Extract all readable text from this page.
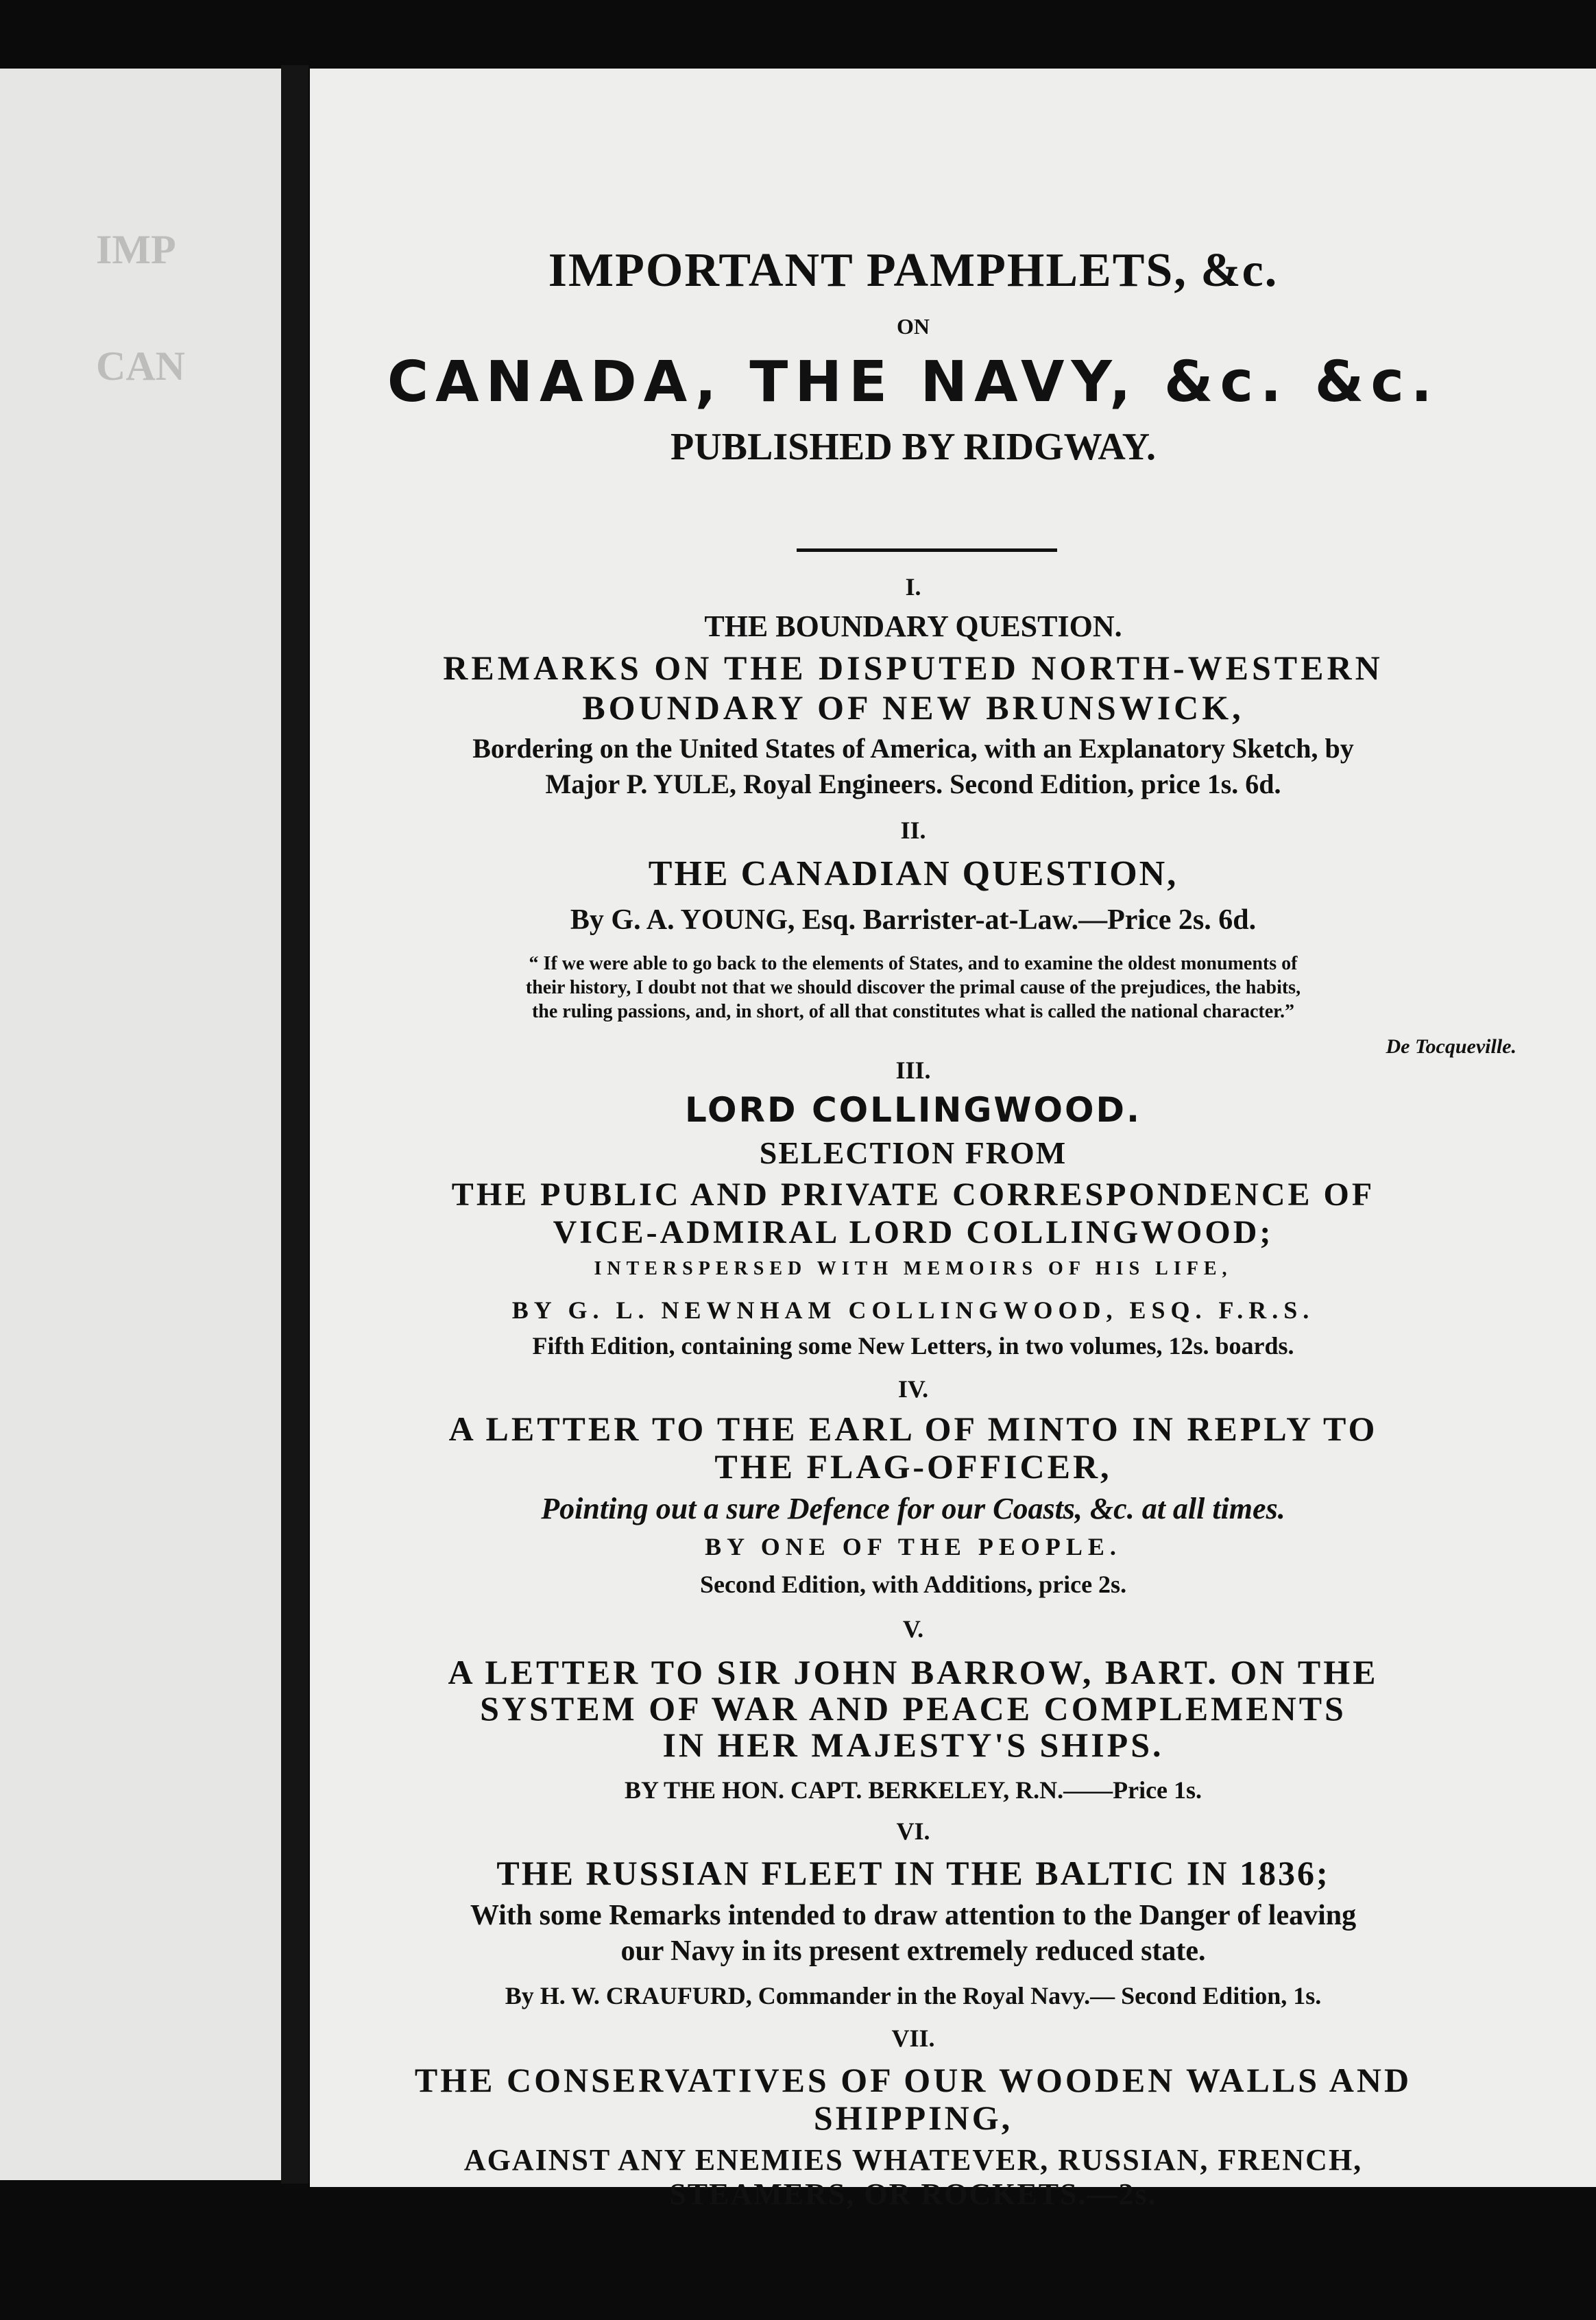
IMP
CAN
IMPORTANT PAMPHLETS, &c.
ON
CANADA, THE NAVY, &c. &c.
PUBLISHED BY RIDGWAY.
I.
THE BOUNDARY QUESTION.
REMARKS ON THE DISPUTED NORTH-WESTERN
BOUNDARY OF NEW BRUNSWICK,
Bordering on the United States of America, with an Explanatory Sketch, by
Major P. YULE, Royal Engineers. Second Edition, price 1s. 6d.
II.
THE CANADIAN QUESTION,
By G. A. YOUNG, Esq. Barrister-at-Law.—Price 2s. 6d.
“ If we were able to go back to the elements of States, and to examine the oldest monuments of
their history, I doubt not that we should discover the primal cause of the prejudices, the habits,
the ruling passions, and, in short, of all that constitutes what is called the national character.”
De Tocqueville.
III.
LORD COLLINGWOOD.
SELECTION FROM
THE PUBLIC AND PRIVATE CORRESPONDENCE OF
VICE-ADMIRAL LORD COLLINGWOOD;
INTERSPERSED WITH MEMOIRS OF HIS LIFE,
BY G. L. NEWNHAM COLLINGWOOD, ESQ. F.R.S.
Fifth Edition, containing some New Letters, in two volumes, 12s. boards.
IV.
A LETTER TO THE EARL OF MINTO IN REPLY TO
THE FLAG-OFFICER,
Pointing out a sure Defence for our Coasts, &c. at all times.
BY ONE OF THE PEOPLE.
Second Edition, with Additions, price 2s.
V.
A LETTER TO SIR JOHN BARROW, BART. ON THE
SYSTEM OF WAR AND PEACE COMPLEMENTS
IN HER MAJESTY'S SHIPS.
BY THE HON. CAPT. BERKELEY, R.N.——Price 1s.
VI.
THE RUSSIAN FLEET IN THE BALTIC IN 1836;
With some Remarks intended to draw attention to the Danger of leaving
our Navy in its present extremely reduced state.
By H. W. CRAUFURD, Commander in the Royal Navy.— Second Edition, 1s.
VII.
THE CONSERVATIVES OF OUR WOODEN WALLS AND
SHIPPING,
AGAINST ANY ENEMIES WHATEVER, RUSSIAN, FRENCH,
STEAMERS, OR ROCKETS.—2s.
